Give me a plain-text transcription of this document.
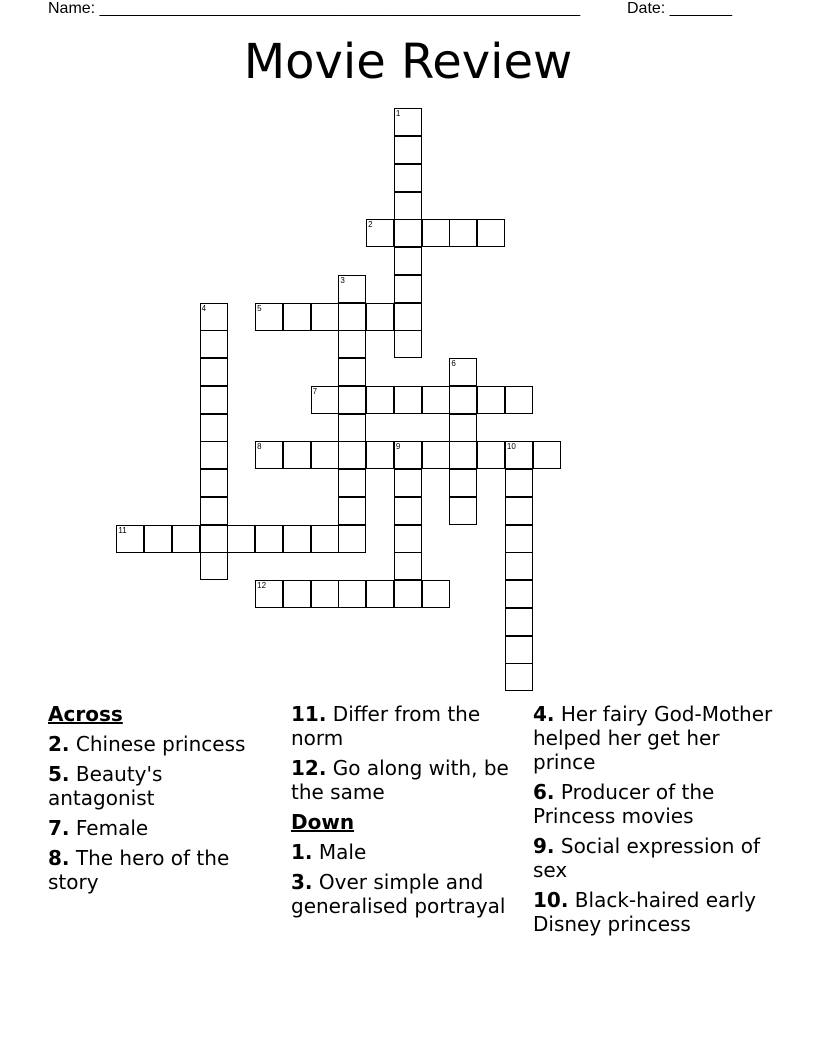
Name: ______________________________________________________	Date: _______
Movie Review
1
2
3
4	5
6
7
8	9	10
11
12
Across
2. Chinese princess
5. Beauty's antagonist
7. Female
8. The hero of the story
11. Differ from the norm
12. Go along with, be the same
Down
1. Male
3. Over simple and generalised portrayal
4. Her fairy God-Mother helped her get her prince
6. Producer of the Princess movies
9. Social expression of sex
10. Black-haired early Disney princess
